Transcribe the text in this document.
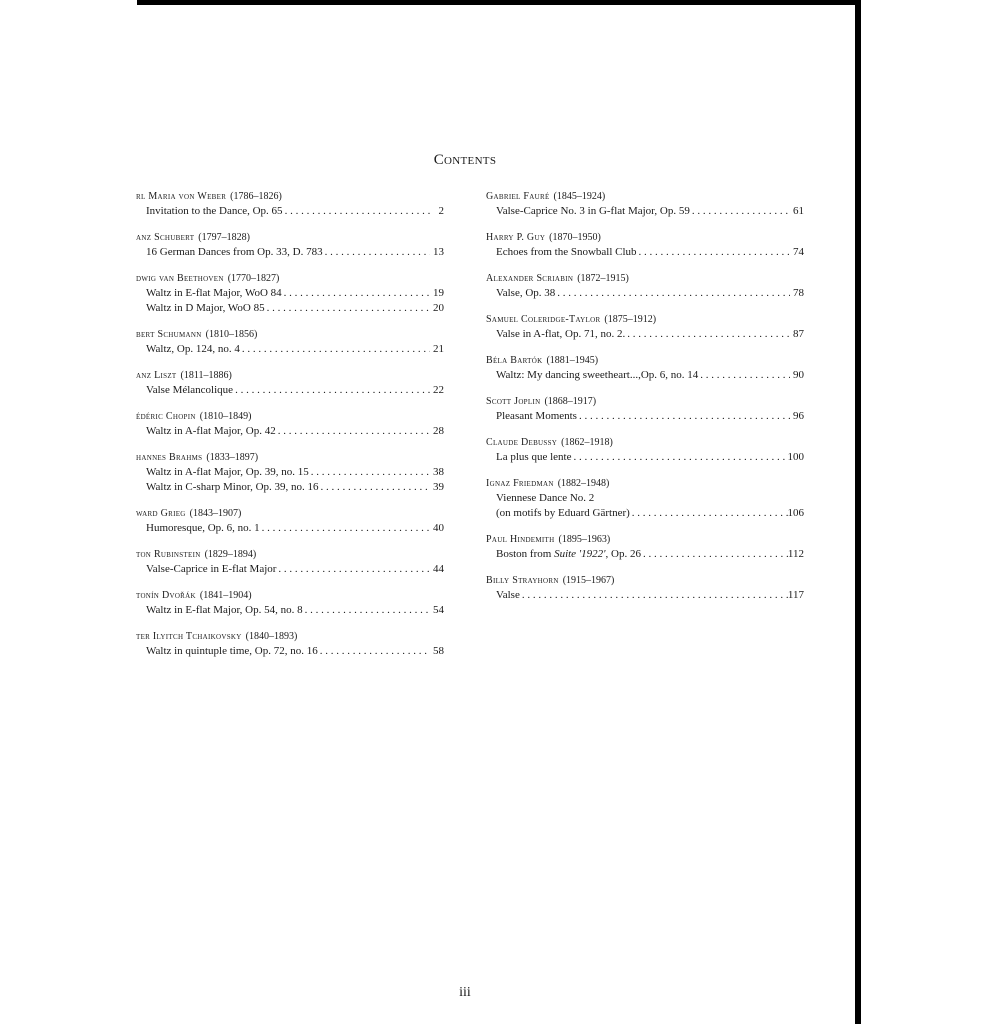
Contents
rl Maria von Weber (1786–1826)
Invitation to the Dance, Op. 65 . . .	2
anz Schubert (1797–1828)
16 German Dances from Op. 33, D. 783 . . .	13
dwig van Beethoven (1770–1827)
Waltz in E-flat Major, WoO 84 . . .	19
Waltz in D Major, WoO 85 . . .	20
bert Schumann (1810–1856)
Waltz, Op. 124, no. 4 . . .	21
anz Liszt (1811–1886)
Valse Mélancolique . . .	22
édéric Chopin (1810–1849)
Waltz in A-flat Major, Op. 42 . . .	28
hannes Brahms (1833–1897)
Waltz in A-flat Major, Op. 39, no. 15 . . .	38
Waltz in C-sharp Minor, Op. 39, no. 16 . . .	39
ward Grieg (1843–1907)
Humoresque, Op. 6, no. 1 . . .	40
ton Rubinstein (1829–1894)
Valse-Caprice in E-flat Major . . .	44
tonín Dvořák (1841–1904)
Waltz in E-flat Major, Op. 54, no. 8 . . .	54
ter Ilyitch Tchaikovsky (1840–1893)
Waltz in quintuple time, Op. 72, no. 16 . . .	58
Gabriel Fauré (1845–1924)
Valse-Caprice No. 3 in G-flat Major, Op. 59 . . .	61
Harry P. Guy (1870–1950)
Echoes from the Snowball Club . . .	74
Alexander Scriabin (1872–1915)
Valse, Op. 38 . . .	78
Samuel Coleridge-Taylor (1875–1912)
Valse in A-flat, Op. 71, no. 2. . . .	87
Béla Bartók (1881–1945)
Waltz: My dancing sweetheart...,Op. 6, no. 14 . . .	90
Scott Joplin (1868–1917)
Pleasant Moments . . .	96
Claude Debussy (1862–1918)
La plus que lente . . .	100
Ignaz Friedman (1882–1948)
Viennese Dance No. 2
(on motifs by Eduard Gärtner) . . .	106
Paul Hindemith (1895–1963)
Boston from Suite '1922', Op. 26 . . .	112
Billy Strayhorn (1915–1967)
Valse . . .	117
iii
